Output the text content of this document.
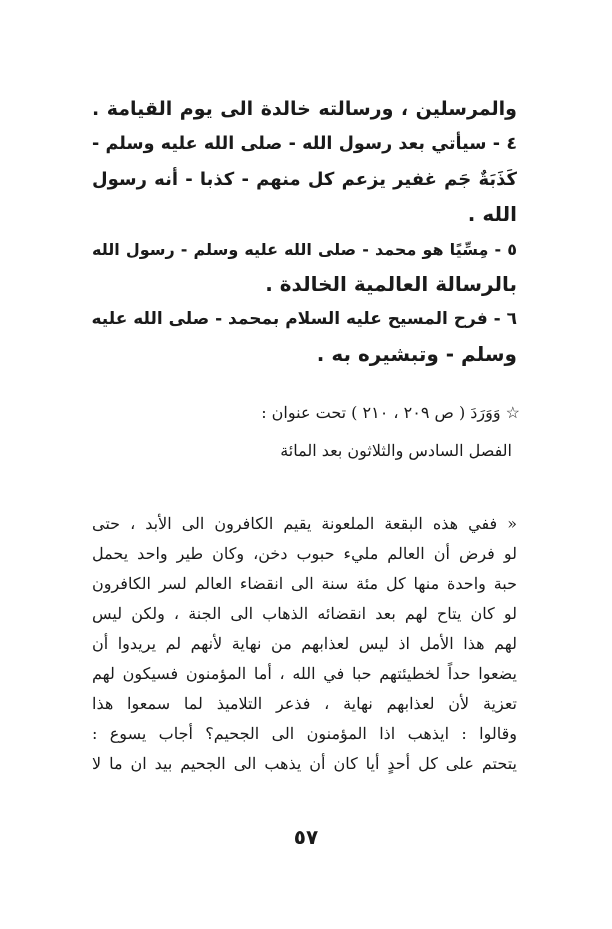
والمرسلين ، ورسالته خالدة الى يوم القيامة .
٤ - سيأتي بعد رسول الله - صلى الله عليه وسلم -
كَذَبَةٌ جَم غفير يزعم كل منهم - كذبا - أنه رسول
الله .
٥ - مِسِّيًا هو محمد - صلى الله عليه وسلم - رسول الله
بالرسالة العالمية الخالدة .
٦ - فرح المسيح عليه السلام بمحمد - صلى الله عليه
وسلم - وتبشيره به .
☆ وَوَرَدَ ( ص ٢٠٩ ، ٢١٠ ) تحت عنوان :
الفصل السادس والثلاثون بعد المائة
« ففي هذه البقعة الملعونة يقيم الكافرون الى الأبد ، حتى
لو فرض أن العالم مليء حبوب دخن، وكان طير واحد يحمل
حبة واحدة منها كل مئة سنة الى انقضاء العالم لسر الكافرون
لو كان يتاح لهم بعد انقضائه الذهاب الى الجنة ، ولكن ليس
لهم هذا الأمل اذ ليس لعذابهم من نهاية لأنهم لم يريدوا أن
يضعوا حداً لخطيئتهم حبا في الله ، أما المؤمنون فسيكون لهم
تعزية لأن لعذابهم نهاية ، فذعر التلاميذ لما سمعوا هذا
وقالوا : ايذهب اذا المؤمنون الى الجحيم؟ أجاب يسوع :
يتحتم على كل أحدٍ أيا كان أن يذهب الى الجحيم بيد ان ما لا
٥٧
